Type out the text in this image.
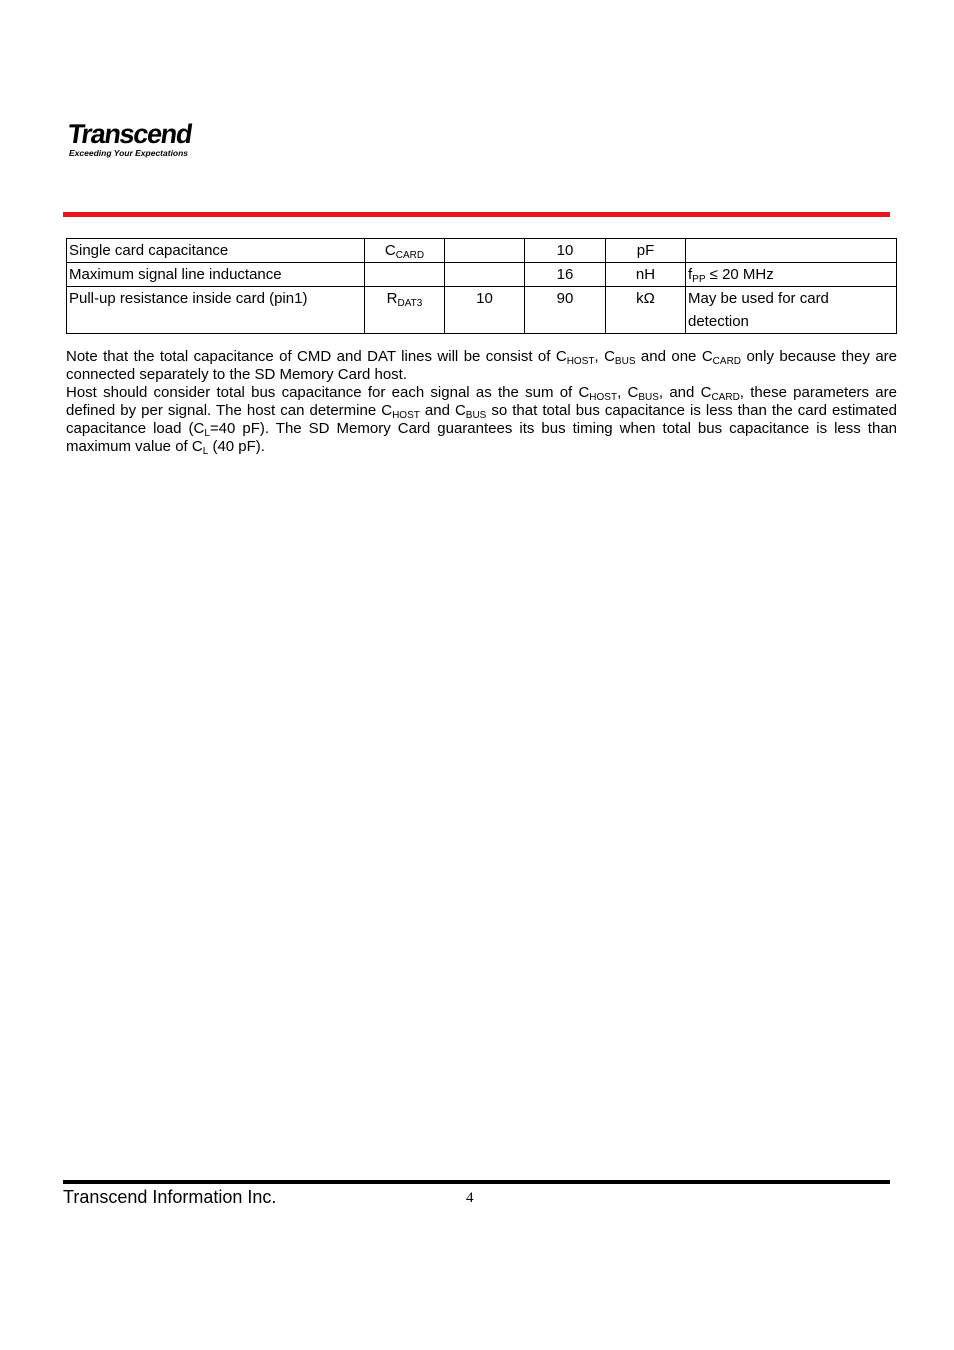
Transcend
Exceeding Your Expectations
Single card capacitance	$C_{CARD}$		10	pF	
Maximum signal line inductance			16	nH	$f_{PP} \le 20$ MHz
Pull-up resistance inside card (pin1)	$R_{DAT3}$	10	90	kΩ	May be used for card
detection

Note that the total capacitance of CMD and DAT lines will be consist of $C_{HOST}$, $C_{BUS}$ and one $C_{CARD}$ only because they are connected separately to the SD Memory Card host.

Host should consider total bus capacitance for each signal as the sum of $C_{HOST}$, $C_{BUS}$, and $C_{CARD}$, these parameters are defined by per signal. The host can determine $C_{HOST}$ and $C_{BUS}$ so that total bus capacitance is less than the card estimated capacitance load ($C_L=40$ pF). The SD Memory Card guarantees its bus timing when total bus capacitance is less than maximum value of $C_L$ (40 pF).

Transcend Information Inc.	4
